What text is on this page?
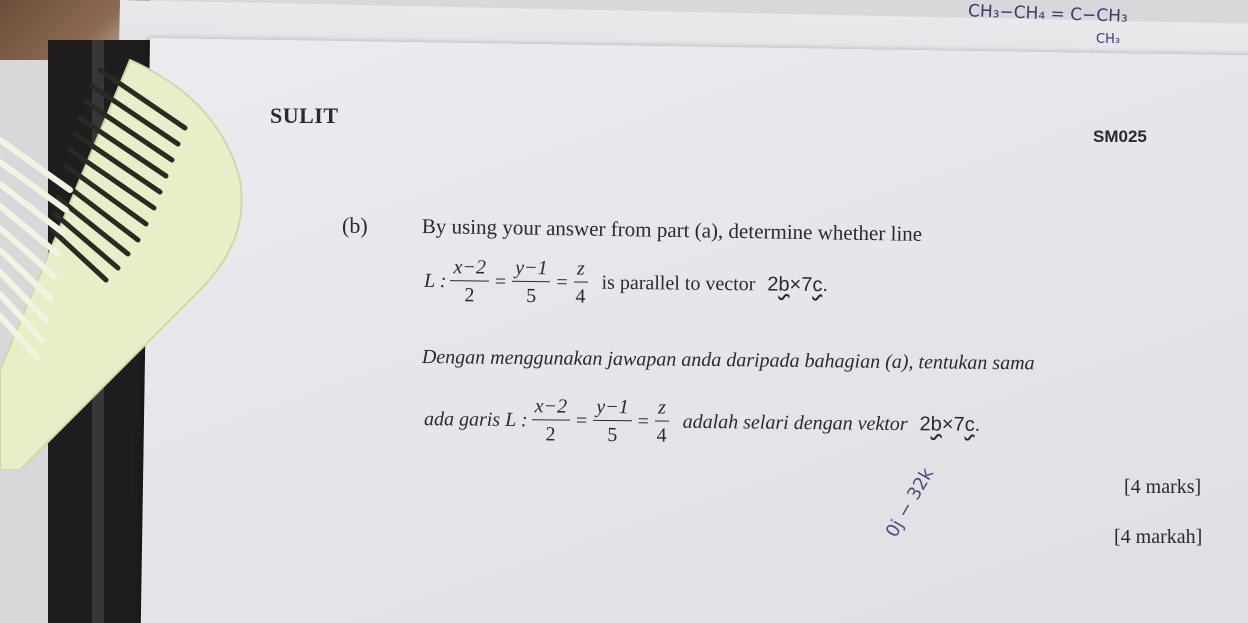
CH₃−CH₄ = C−CH₃
CH₃
SULIT
SM025
(b)	By using your answer from part (a), determine whether line
L : $\frac{x-2}{2} = \frac{y-1}{5} = \frac{z}{4}$ is parallel to vector 2b×7c.
Dengan menggunakan jawapan anda daripada bahagian (a), tentukan sama
ada garis L : $\frac{x-2}{2} = \frac{y-1}{5} = \frac{z}{4}$ adalah selari dengan vektor 2b×7c.
[4 marks]
[4 markah]
0j − 32k
